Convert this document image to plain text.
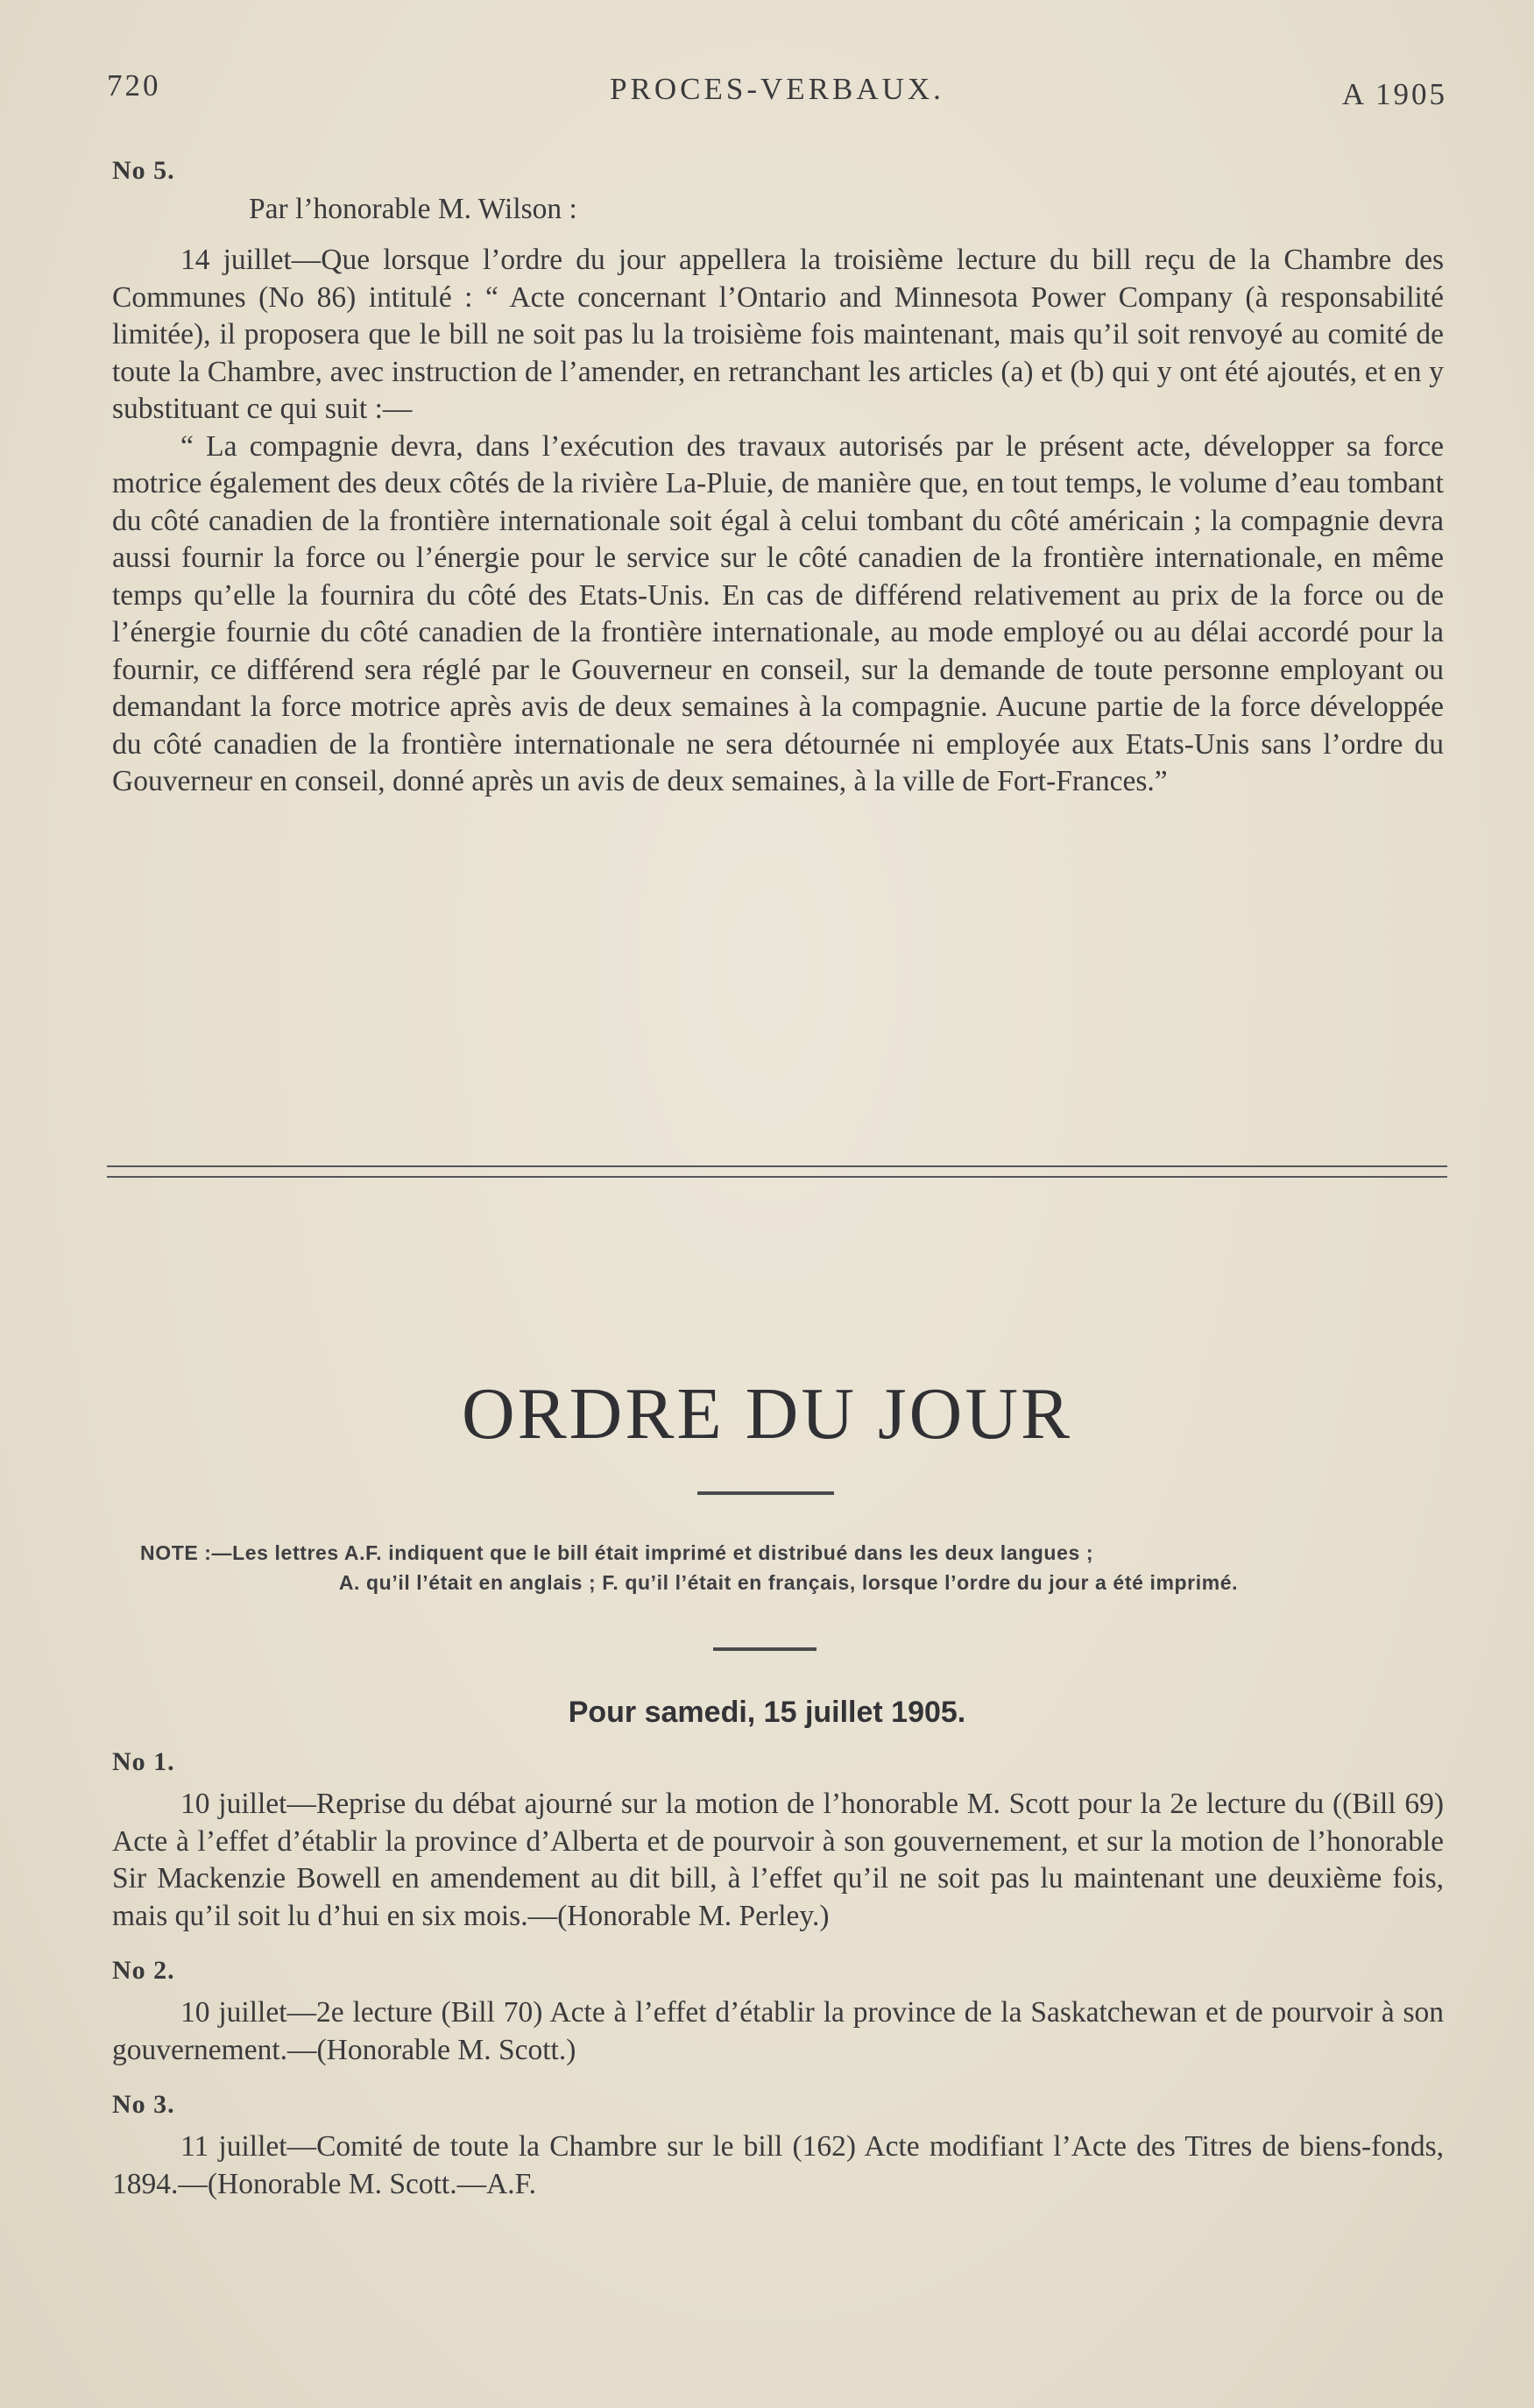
720	PROCES-VERBAUX.	A 1905
No 5.
Par l’honorable M. Wilson :

14 juillet—Que lorsque l’ordre du jour appellera la troisième lecture du bill reçu de la Chambre des Communes (No 86) intitulé : “ Acte concernant l’Ontario and Minnesota Power Company (à responsabilité limitée), il proposera que le bill ne soit pas lu la troisième fois maintenant, mais qu’il soit renvoyé au comité de toute la Chambre, avec instruction de l’amender, en retranchant les articles (a) et (b) qui y ont été ajoutés, et en y substituant ce qui suit :—

“ La compagnie devra, dans l’exécution des travaux autorisés par le présent acte, développer sa force motrice également des deux côtés de la rivière La-Pluie, de manière que, en tout temps, le volume d’eau tombant du côté canadien de la frontière internationale soit égal à celui tombant du côté américain ; la compagnie devra aussi fournir la force ou l’énergie pour le service sur le côté canadien de la frontière internationale, en même temps qu’elle la fournira du côté des Etats-Unis. En cas de différend relativement au prix de la force ou de l’énergie fournie du côté canadien de la frontière internationale, au mode employé ou au délai accordé pour la fournir, ce différend sera réglé par le Gouverneur en conseil, sur la demande de toute personne employant ou demandant la force motrice après avis de deux semaines à la compagnie. Aucune partie de la force développée du côté canadien de la frontière internationale ne sera détournée ni employée aux Etats-Unis sans l’ordre du Gouverneur en conseil, donné après un avis de deux semaines, à la ville de Fort-Frances.”

ORDRE DU JOUR
NOTE :—Les lettres A.F. indiquent que le bill était imprimé et distribué dans les deux langues ;
A. qu’il l’était en anglais ; F. qu’il l’était en français, lorsque l’ordre du jour a été imprimé.
Pour samedi, 15 juillet 1905.
No 1.

10 juillet—Reprise du débat ajourné sur la motion de l’honorable M. Scott pour la 2e lecture du ((Bill 69) Acte à l’effet d’établir la province d’Alberta et de pourvoir à son gouvernement, et sur la motion de l’honorable Sir Mackenzie Bowell en amendement au dit bill, à l’effet qu’il ne soit pas lu maintenant une deuxième fois, mais qu’il soit lu d’hui en six mois.—(Honorable M. Perley.)

No 2.

10 juillet—2e lecture (Bill 70) Acte à l’effet d’établir la province de la Saskatchewan et de pourvoir à son gouvernement.—(Honorable M. Scott.)

No 3.

11 juillet—Comité de toute la Chambre sur le bill (162) Acte modifiant l’Acte des Titres de biens-fonds, 1894.—(Honorable M. Scott.—A.F.
